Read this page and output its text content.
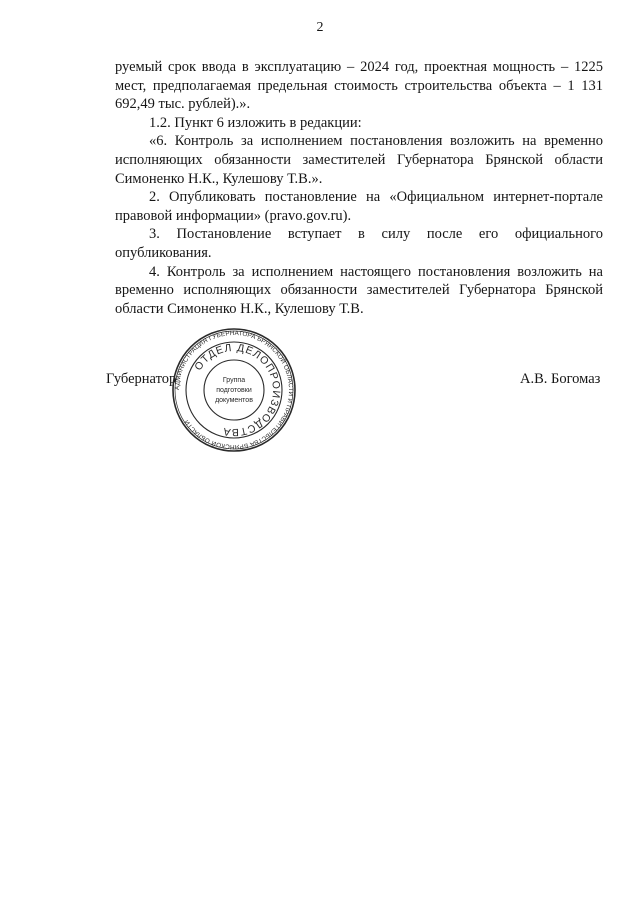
2

руемый срок ввода в эксплуатацию – 2024 год, проектная мощность – 1225 мест, предполагаемая предельная стоимость строительства объекта – 1 131 692,49 тыс. рублей).».

1.2. Пункт 6 изложить в редакции:

«6. Контроль за исполнением постановления возложить на временно исполняющих обязанности заместителей Губернатора Брянской области Симоненко Н.К., Кулешову Т.В.».

2. Опубликовать постановление на «Официальном интернет-портале правовой информации» (pravo.gov.ru).

3. Постановление вступает в силу после его официального опубликования.

4. Контроль за исполнением настоящего постановления возложить на временно исполняющих обязанности заместителей Губернатора Брянской области Симоненко Н.К., Кулешову Т.В.

Губернатор	А.В. Богомаз
АДМИНИСТРАЦИЯ ГУБЕРНАТОРА БРЯНСКОЙ ОБЛАСТИ И ПРАВИТЕЛЬСТВА БРЯНСКОЙ ОБЛАСТИ
ОТДЕЛ ДЕЛОПРОИЗВОДСТВА
Группа
подготовки
документов
